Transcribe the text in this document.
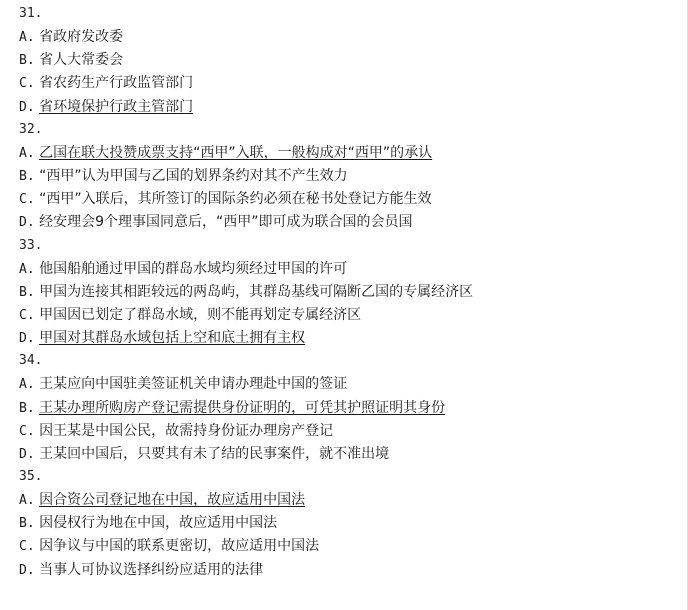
31.
A. 省政府发改委
B. 省人大常委会
C. 省农药生产行政监管部门
D. 省环境保护行政主管部门
32.
A. 乙国在联大投赞成票支持“西甲”入联，一般构成对“西甲”的承认
B. “西甲”认为甲国与乙国的划界条约对其不产生效力
C. “西甲”入联后，其所签订的国际条约必须在秘书处登记方能生效
D. 经安理会9个理事国同意后，“西甲”即可成为联合国的会员国
33.
A. 他国船舶通过甲国的群岛水域均须经过甲国的许可
B. 甲国为连接其相距较远的两岛屿，其群岛基线可隔断乙国的专属经济区
C. 甲国因已划定了群岛水域，则不能再划定专属经济区
D. 甲国对其群岛水域包括上空和底土拥有主权
34.
A. 王某应向中国驻美签证机关申请办理赴中国的签证
B. 王某办理所购房产登记需提供身份证明的，可凭其护照证明其身份
C. 因王某是中国公民，故需持身份证办理房产登记
D. 王某回中国后，只要其有未了结的民事案件，就不准出境
35.
A. 因合资公司登记地在中国，故应适用中国法
B. 因侵权行为地在中国，故应适用中国法
C. 因争议与中国的联系更密切，故应适用中国法
D. 当事人可协议选择纠纷应适用的法律
